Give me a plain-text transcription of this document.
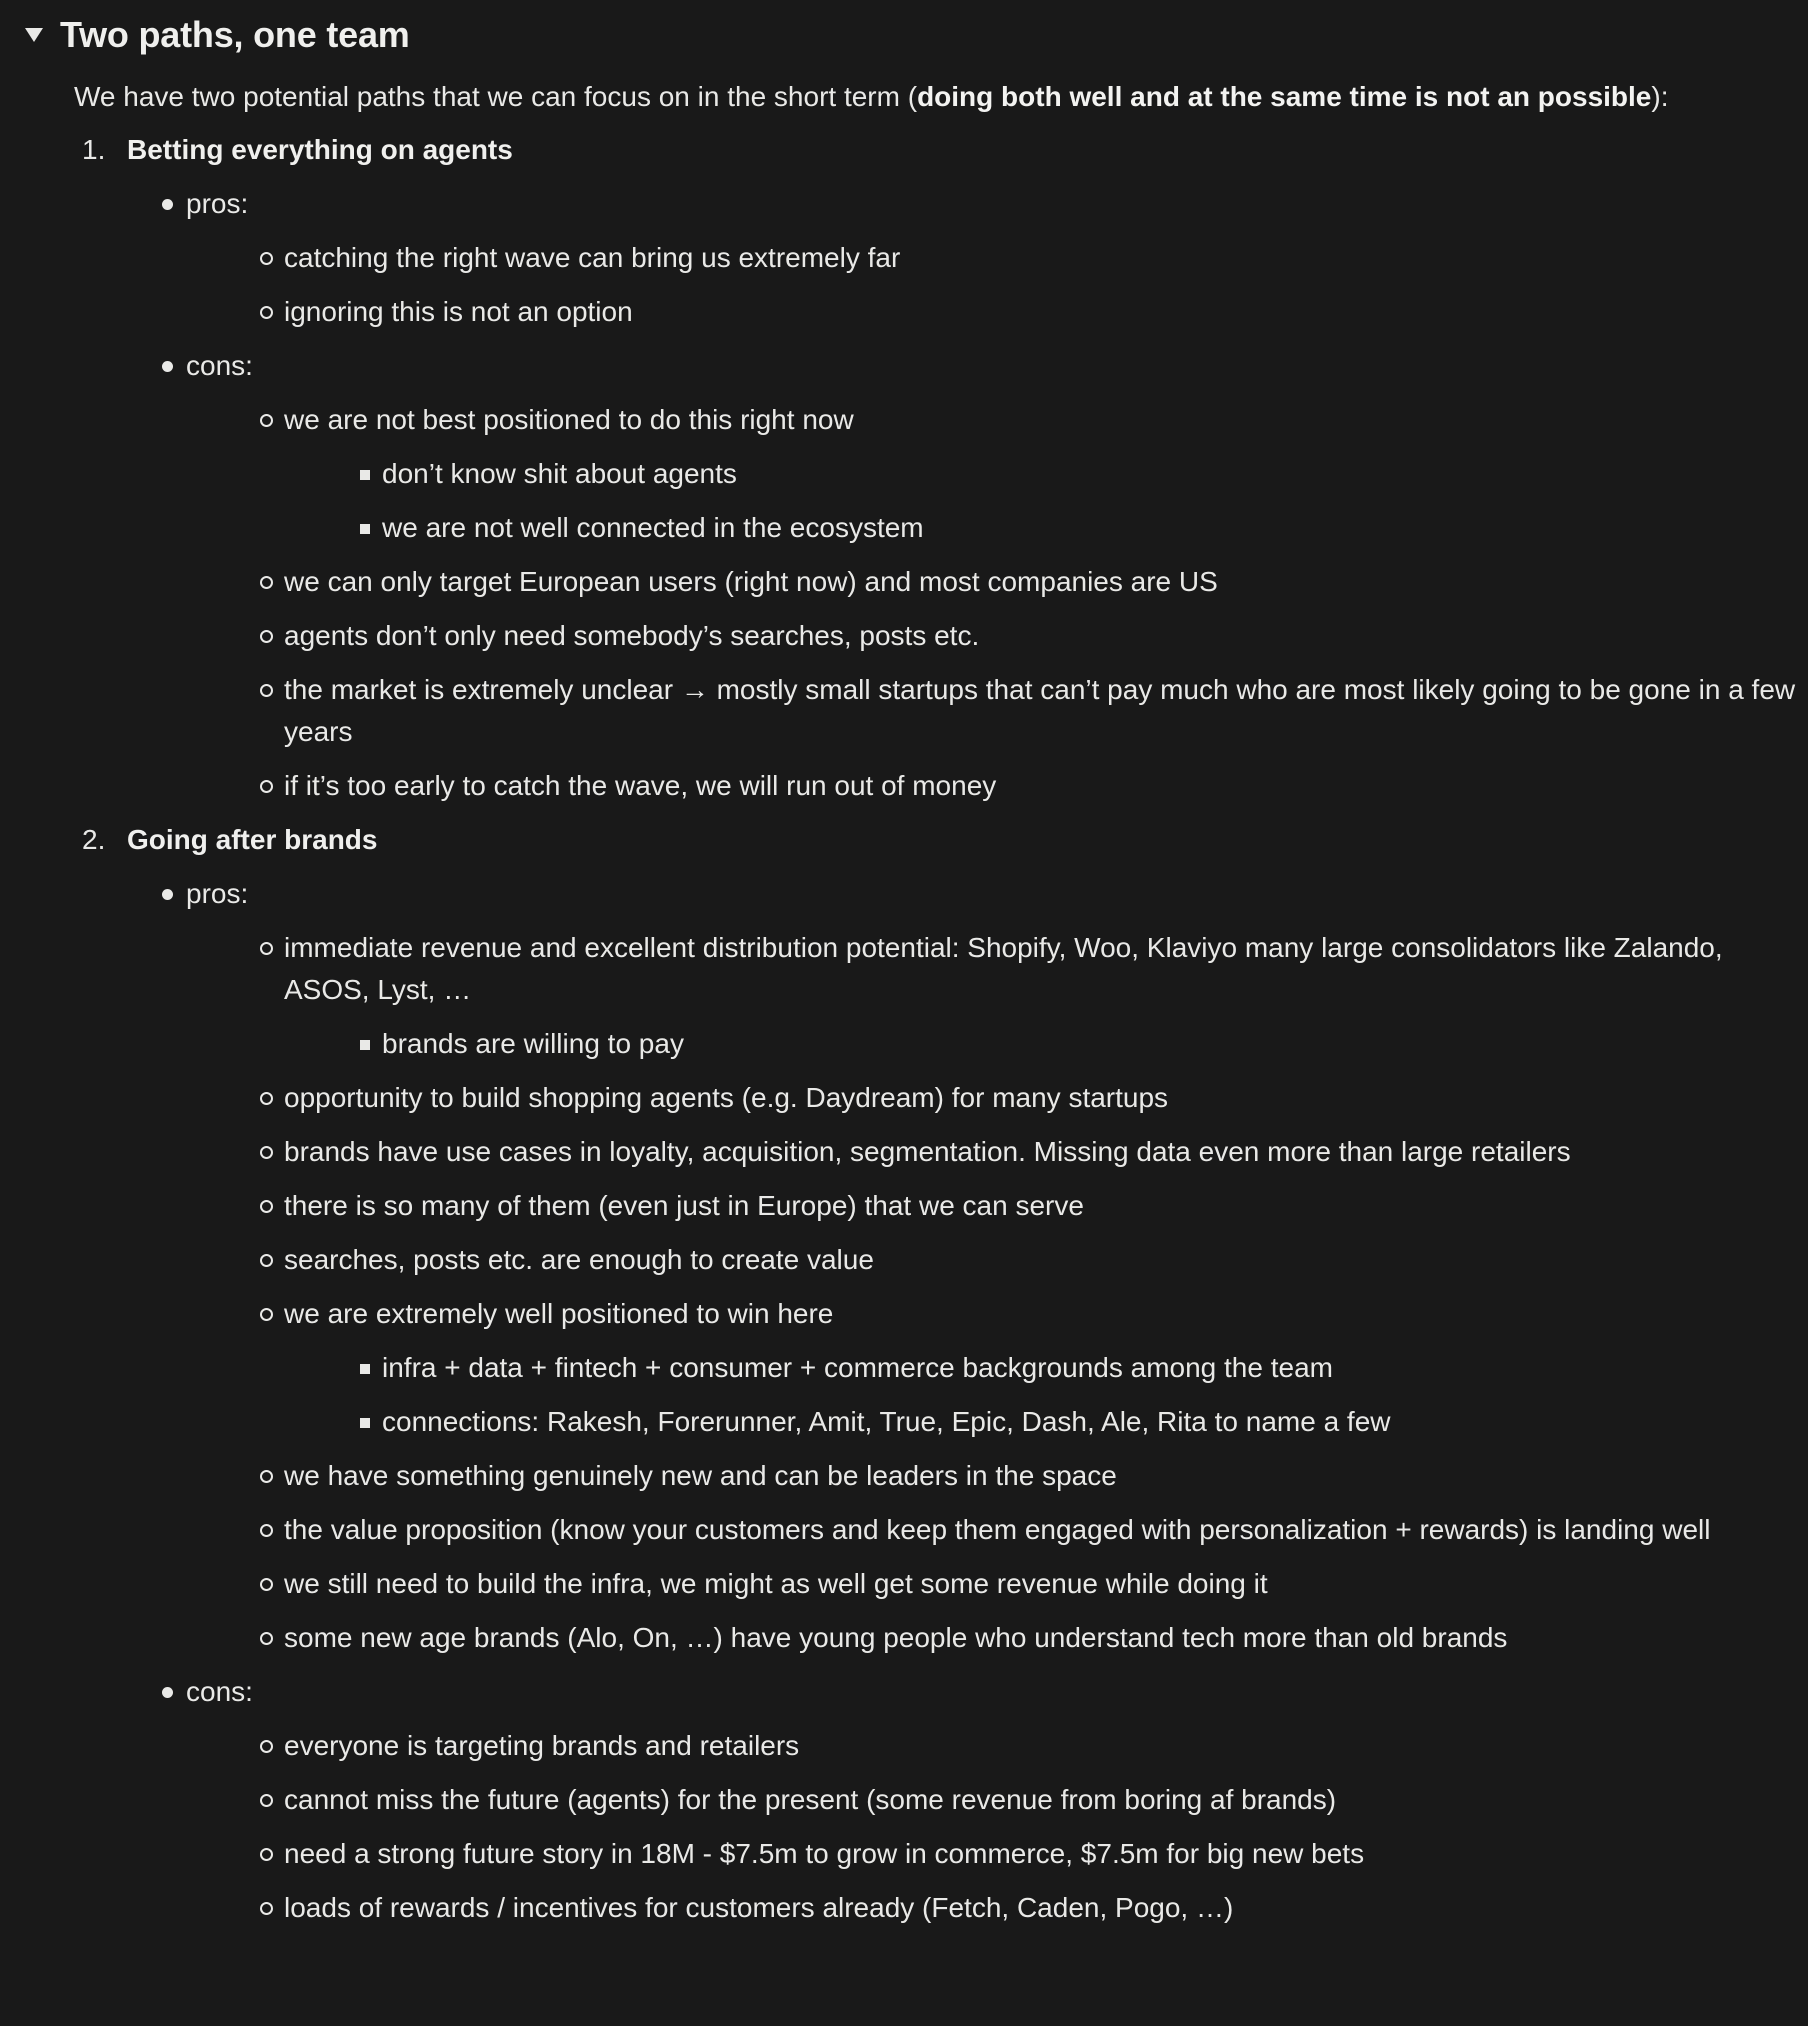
Two paths, one team

We have two potential paths that we can focus on in the short term (doing both well and at the same time is not an possible):

1. Betting everything on agents
pros:
catching the right wave can bring us extremely far
ignoring this is not an option
cons:
we are not best positioned to do this right now
don’t know shit about agents
we are not well connected in the ecosystem
we can only target European users (right now) and most companies are US
agents don’t only need somebody’s searches, posts etc.
the market is extremely unclear → mostly small startups that can’t pay much who are most likely going to be gone in a few years
if it’s too early to catch the wave, we will run out of money
2. Going after brands
pros:
immediate revenue and excellent distribution potential: Shopify, Woo, Klaviyo many large consolidators like Zalando, ASOS, Lyst, …
brands are willing to pay
opportunity to build shopping agents (e.g. Daydream) for many startups
brands have use cases in loyalty, acquisition, segmentation. Missing data even more than large retailers
there is so many of them (even just in Europe) that we can serve
searches, posts etc. are enough to create value
we are extremely well positioned to win here
infra + data + fintech + consumer + commerce backgrounds among the team
connections: Rakesh, Forerunner, Amit, True, Epic, Dash, Ale, Rita to name a few
we have something genuinely new and can be leaders in the space
the value proposition (know your customers and keep them engaged with personalization + rewards) is landing well
we still need to build the infra, we might as well get some revenue while doing it
some new age brands (Alo, On, …) have young people who understand tech more than old brands
cons:
everyone is targeting brands and retailers
cannot miss the future (agents) for the present (some revenue from boring af brands)
need a strong future story in 18M - $7.5m to grow in commerce, $7.5m for big new bets
loads of rewards / incentives for customers already (Fetch, Caden, Pogo, …)
